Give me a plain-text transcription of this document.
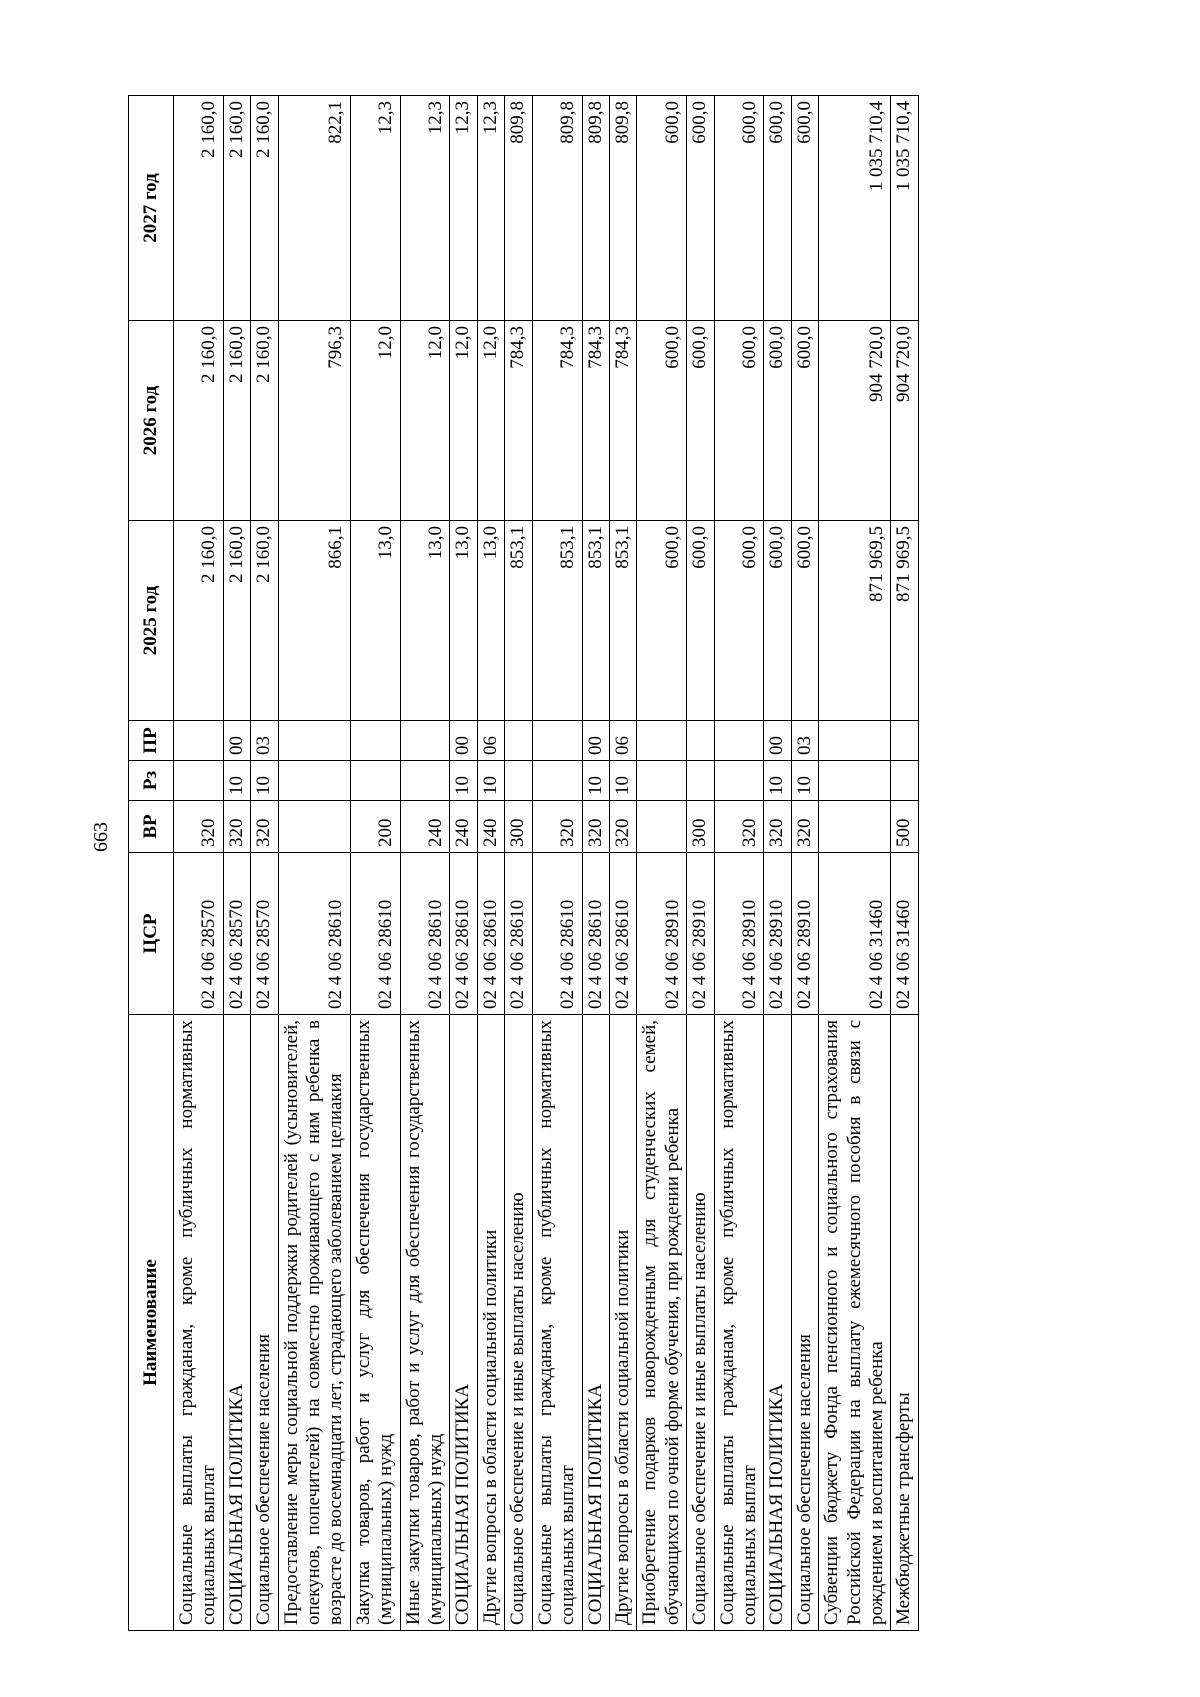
663
Наименование	ЦСР	ВР	Рз	ПР	2025 год	2026 год	2027 год
Социальные выплаты гражданам, кроме публичных нормативных социальных выплат	02 4 06 28570	320			2 160,0	2 160,0	2 160,0
СОЦИАЛЬНАЯ ПОЛИТИКА	02 4 06 28570	320	10	00	2 160,0	2 160,0	2 160,0
Социальное обеспечение населения	02 4 06 28570	320	10	03	2 160,0	2 160,0	2 160,0
Предоставление меры социальной поддержки родителей (усыновителей, опекунов, попечителей) на совместно проживающего с ним ребенка в возрасте до восемнадцати лет, страдающего заболеванием целиакия	02 4 06 28610				866,1	796,3	822,1
Закупка товаров, работ и услуг для обеспечения государственных (муниципальных) нужд	02 4 06 28610	200			13,0	12,0	12,3
Иные закупки товаров, работ и услуг для обеспечения государственных (муниципальных) нужд	02 4 06 28610	240			13,0	12,0	12,3
СОЦИАЛЬНАЯ ПОЛИТИКА	02 4 06 28610	240	10	00	13,0	12,0	12,3
Другие вопросы в области социальной политики	02 4 06 28610	240	10	06	13,0	12,0	12,3
Социальное обеспечение и иные выплаты населению	02 4 06 28610	300			853,1	784,3	809,8
Социальные выплаты гражданам, кроме публичных нормативных социальных выплат	02 4 06 28610	320			853,1	784,3	809,8
СОЦИАЛЬНАЯ ПОЛИТИКА	02 4 06 28610	320	10	00	853,1	784,3	809,8
Другие вопросы в области социальной политики	02 4 06 28610	320	10	06	853,1	784,3	809,8
Приобретение подарков новорожденным для студенческих семей, обучающихся по очной форме обучения, при рождении ребенка	02 4 06 28910				600,0	600,0	600,0
Социальное обеспечение и иные выплаты населению	02 4 06 28910	300			600,0	600,0	600,0
Социальные выплаты гражданам, кроме публичных нормативных социальных выплат	02 4 06 28910	320			600,0	600,0	600,0
СОЦИАЛЬНАЯ ПОЛИТИКА	02 4 06 28910	320	10	00	600,0	600,0	600,0
Социальное обеспечение населения	02 4 06 28910	320	10	03	600,0	600,0	600,0
Субвенции бюджету Фонда пенсионного и социального страхования Российской Федерации на выплату ежемесячного пособия в связи с рождением и воспитанием ребенка	02 4 06 31460				871 969,5	904 720,0	1 035 710,4
Межбюджетные трансферты	02 4 06 31460	500			871 969,5	904 720,0	1 035 710,4
